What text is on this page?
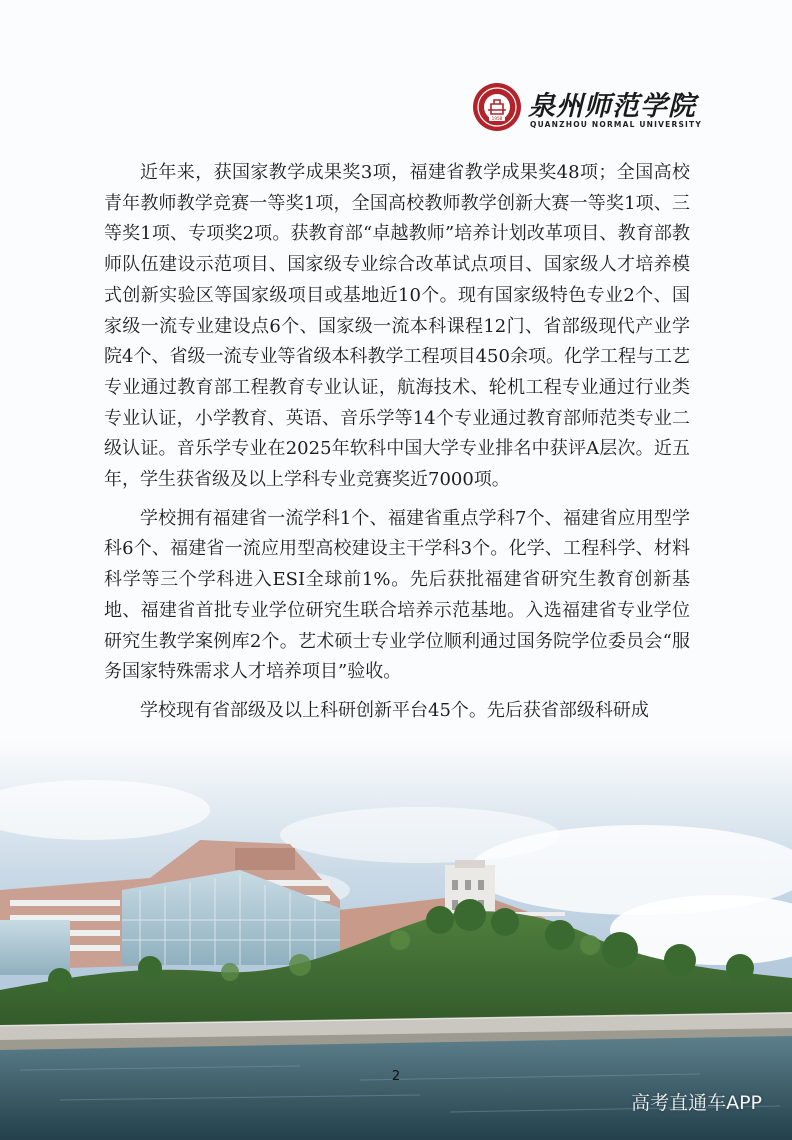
1958 泉州师范学院
QUANZHOU NORMAL UNIVERSITY

近年来，获国家教学成果奖3项，福建省教学成果奖48项；全国高校青年教师教学竞赛一等奖1项，全国高校教师教学创新大赛一等奖1项、三等奖1项、专项奖2项。获教育部“卓越教师”培养计划改革项目、教育部教师队伍建设示范项目、国家级专业综合改革试点项目、国家级人才培养模式创新实验区等国家级项目或基地近10个。现有国家级特色专业2个、国家级一流专业建设点6个、国家级一流本科课程12门、省部级现代产业学院4个、省级一流专业等省级本科教学工程项目450余项。化学工程与工艺专业通过教育部工程教育专业认证，航海技术、轮机工程专业通过行业类专业认证，小学教育、英语、音乐学等14个专业通过教育部师范类专业二级认证。音乐学专业在2025年软科中国大学专业排名中获评A层次。近五年，学生获省级及以上学科专业竞赛奖近7000项。

学校拥有福建省一流学科1个、福建省重点学科7个、福建省应用型学科6个、福建省一流应用型高校建设主干学科3个。化学、工程科学、材料科学等三个学科进入ESI全球前1%。先后获批福建省研究生教育创新基地、福建省首批专业学位研究生联合培养示范基地。入选福建省专业学位研究生教学案例库2个。艺术硕士专业学位顺利通过国务院学位委员会“服务国家特殊需求人才培养项目”验收。

学校现有省部级及以上科研创新平台45个。先后获省部级科研成

2
高考直通车APP
